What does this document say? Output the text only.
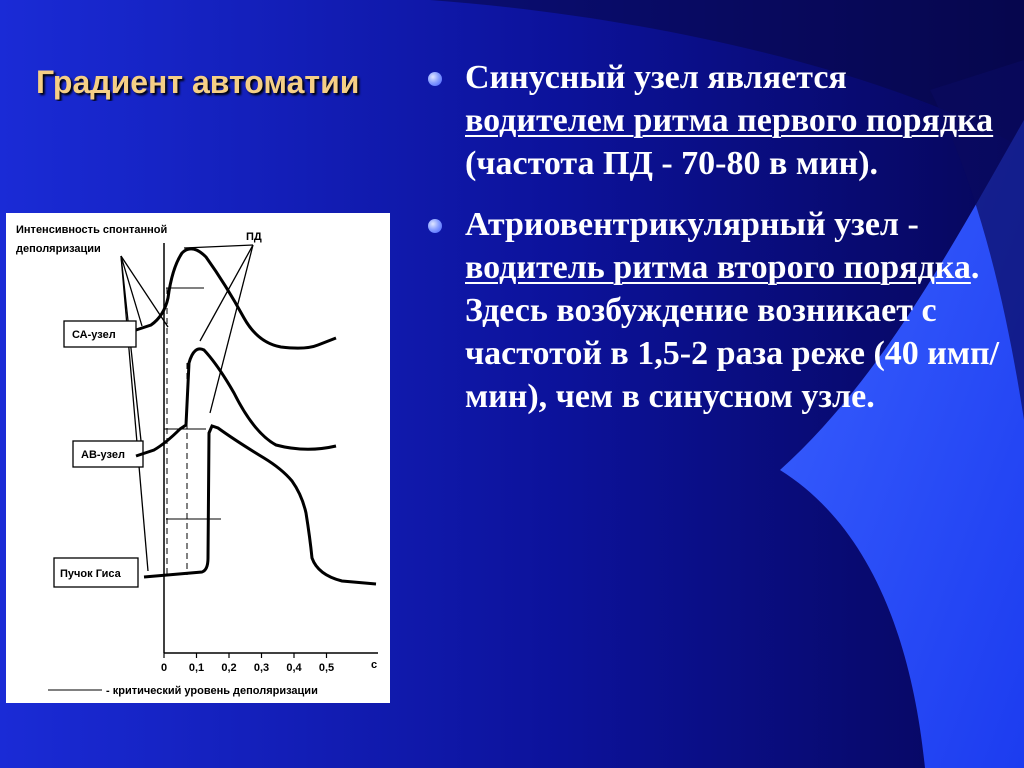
Градиент автоматии	Синусный узел является водителем ритма первого порядка (частота ПД - 70-80 в мин).
Атриовентрикулярный узел - водитель ритма второго порядка. Здесь возбуждение возникает с частотой в 1,5-2 раза реже (40 имп/мин), чем в синусном узле.
Интенсивность спонтанной
деполяризации
ПД
СА-узел
АВ-узел
Пучок Гиса
0 0,1 0,2 0,3 0,4 0,5	с
- критический уровень деполяризации
